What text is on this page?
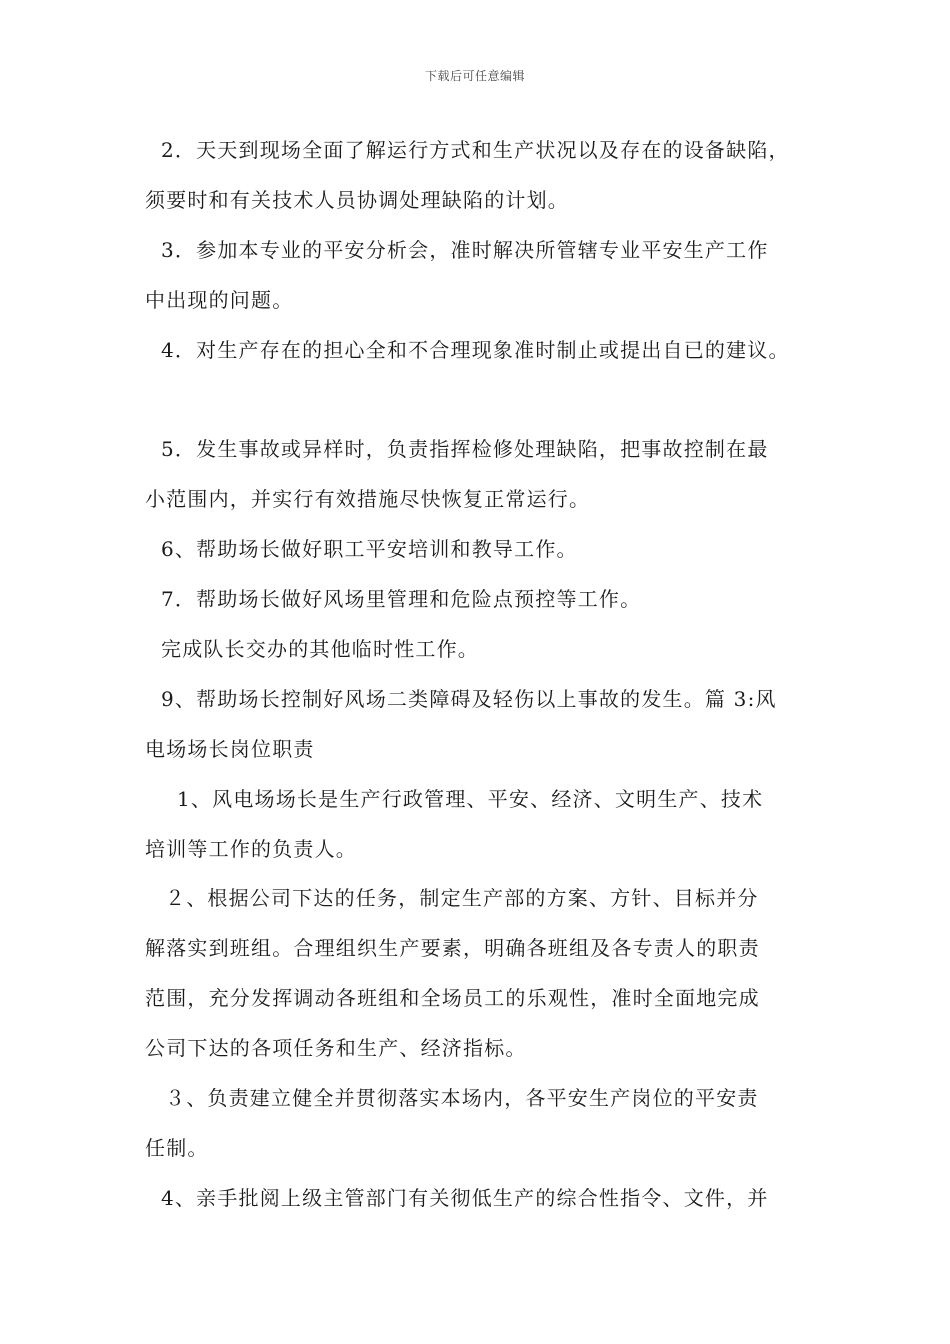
下载后可任意编辑
2．天天到现场全面了解运行方式和生产状况以及存在的设备缺陷，
须要时和有关技术人员协调处理缺陷的计划。
3．参加本专业的平安分析会，准时解决所管辖专业平安生产工作
中出现的问题。
4．对生产存在的担心全和不合理现象准时制止或提出自已的建议。
5．发生事故或异样时，负责指挥检修处理缺陷，把事故控制在最
小范围内，并实行有效措施尽快恢复正常运行。
6、帮助场长做好职工平安培训和教导工作。
7．帮助场长做好风场里管理和危险点预控等工作。
完成队长交办的其他临时性工作。
9、帮助场长控制好风场二类障碍及轻伤以上事故的发生。篇 3:风
电场场长岗位职责
1、风电场场长是生产行政管理、平安、经济、文明生产、技术
培训等工作的负责人。
２、根据公司下达的任务，制定生产部的方案、方针、目标并分
解落实到班组。合理组织生产要素，明确各班组及各专责人的职责
范围，充分发挥调动各班组和全场员工的乐观性，准时全面地完成
公司下达的各项任务和生产、经济指标。
３、负责建立健全并贯彻落实本场内，各平安生产岗位的平安责
任制。
4、亲手批阅上级主管部门有关彻低生产的综合性指令、文件，并
